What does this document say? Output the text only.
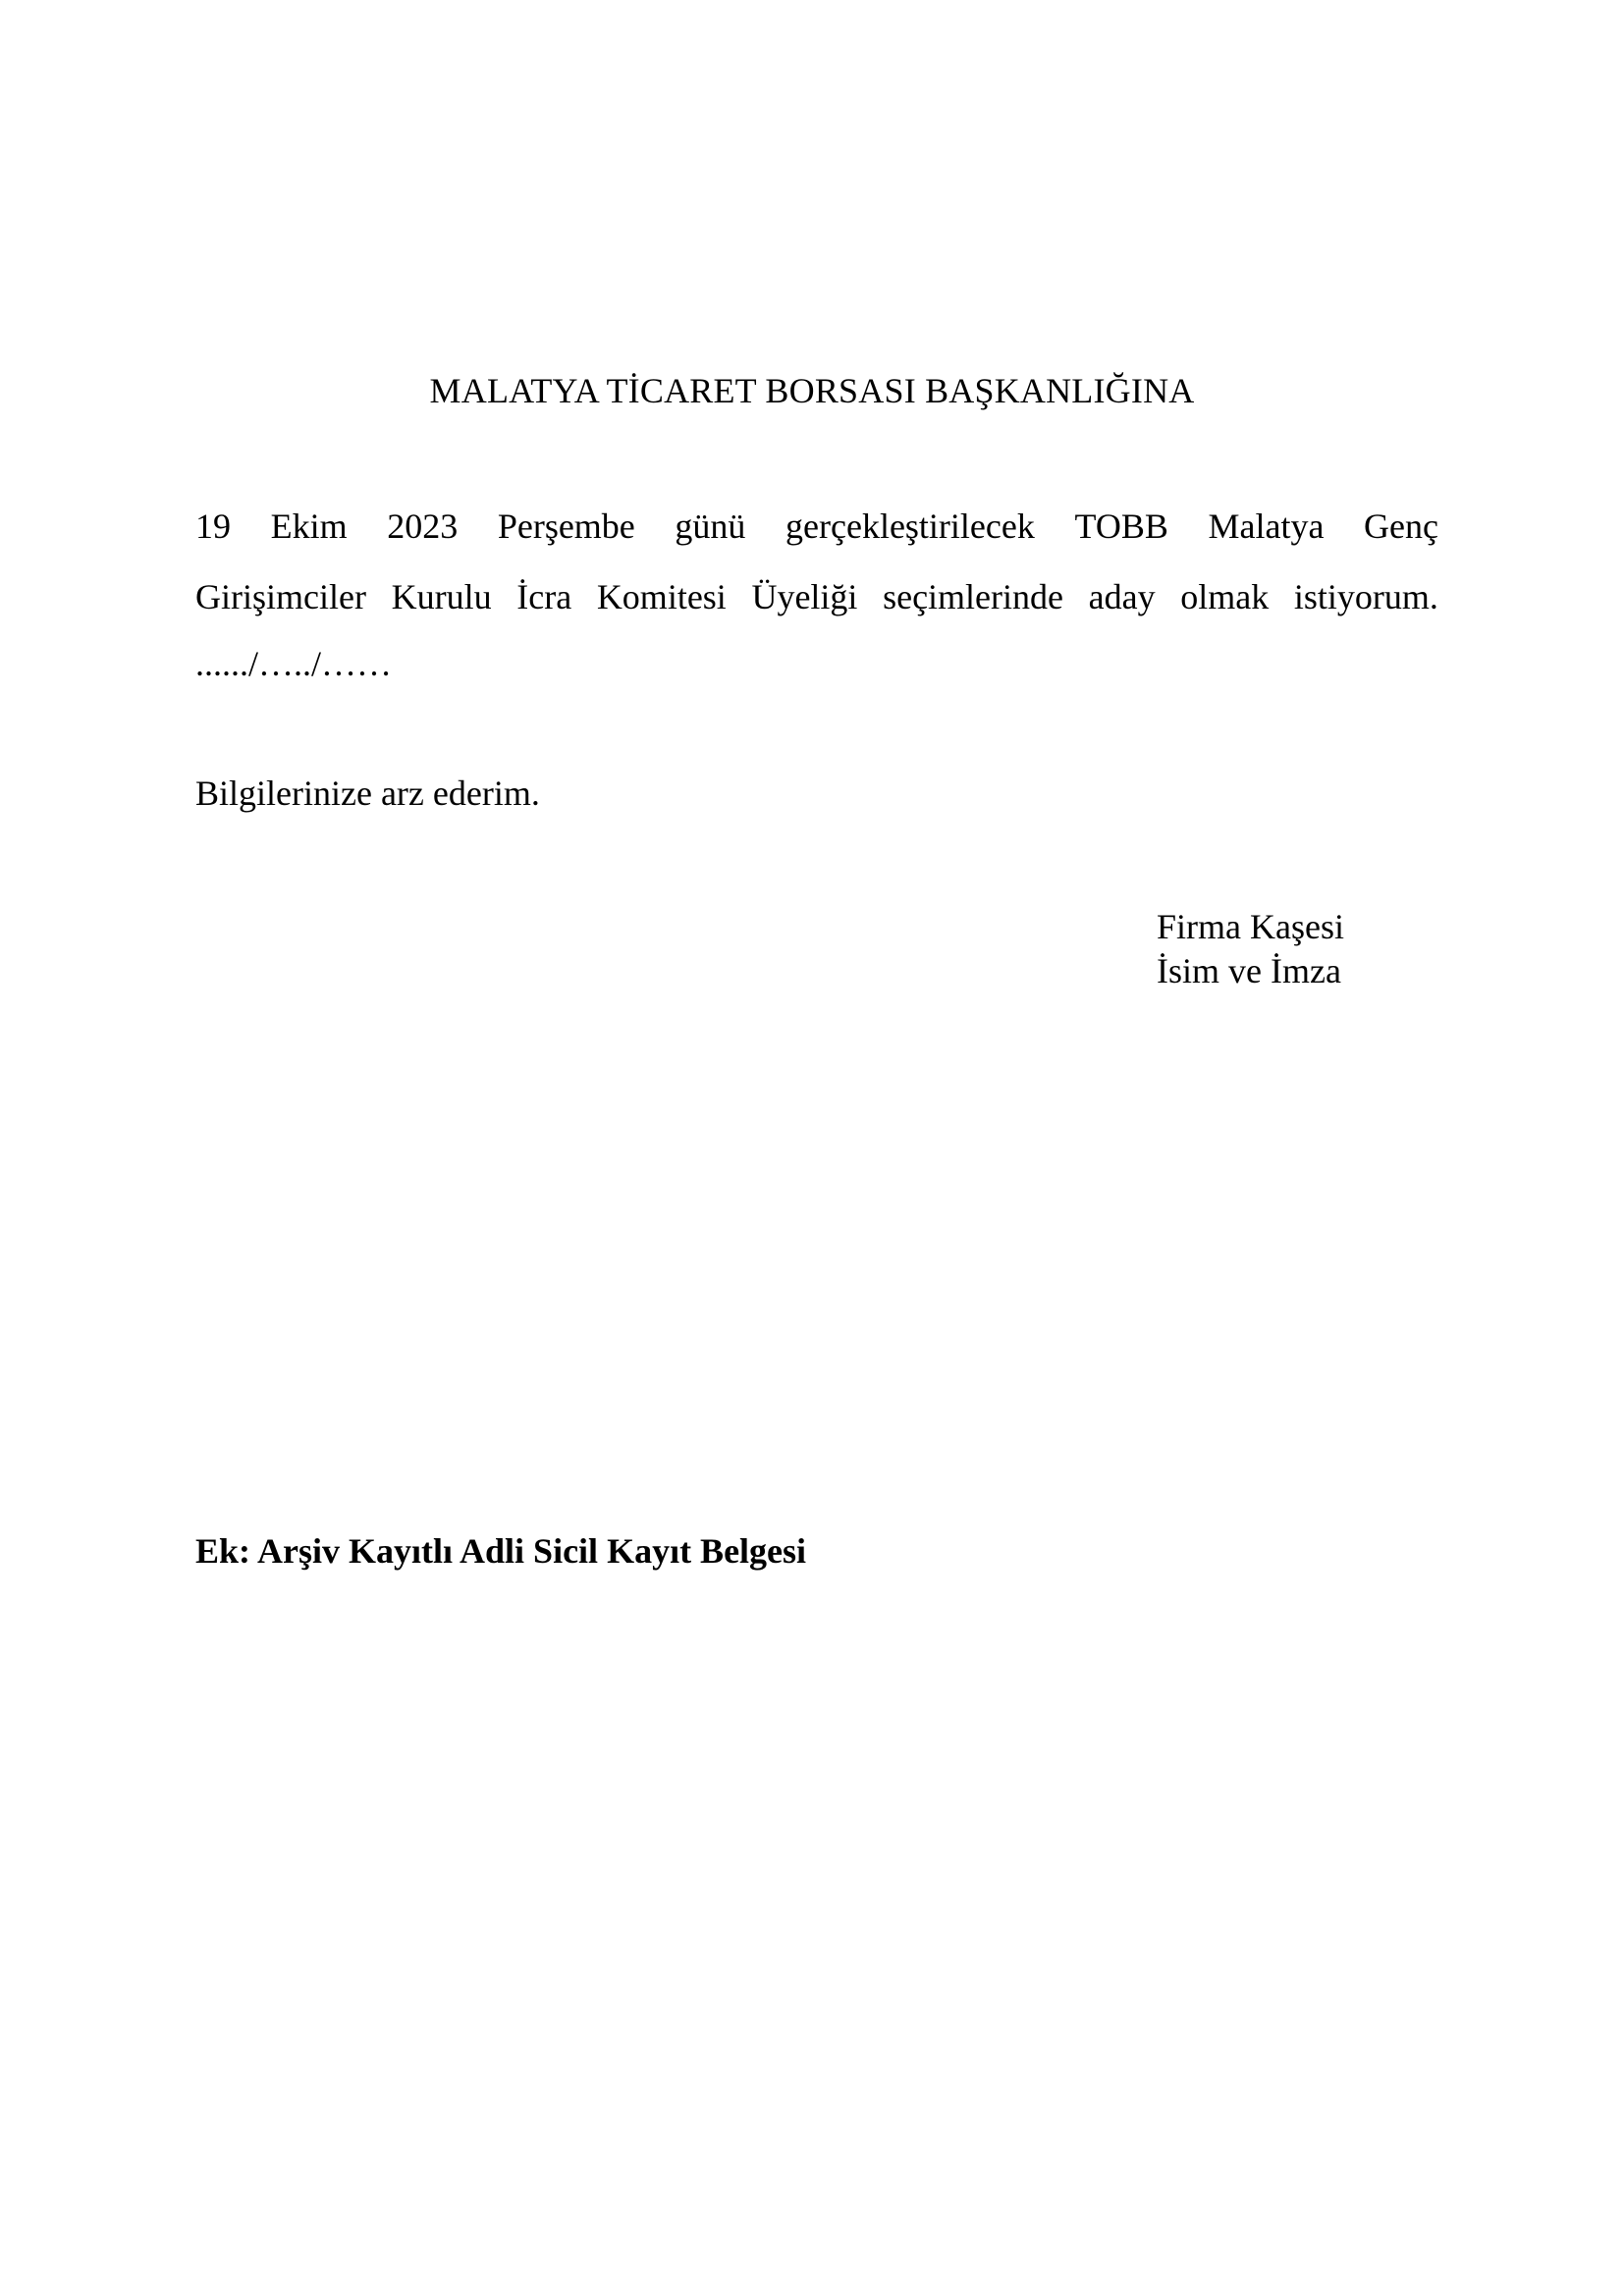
MALATYA TİCARET BORSASI BAŞKANLIĞINA
19 Ekim 2023 Perşembe günü gerçekleştirilecek TOBB Malatya Genç
Girişimciler Kurulu İcra Komitesi Üyeliği seçimlerinde aday olmak istiyorum.
....../…../……
Bilgilerinize arz ederim.
Firma Kaşesi
İsim ve İmza
Ek: Arşiv Kayıtlı Adli Sicil Kayıt Belgesi
